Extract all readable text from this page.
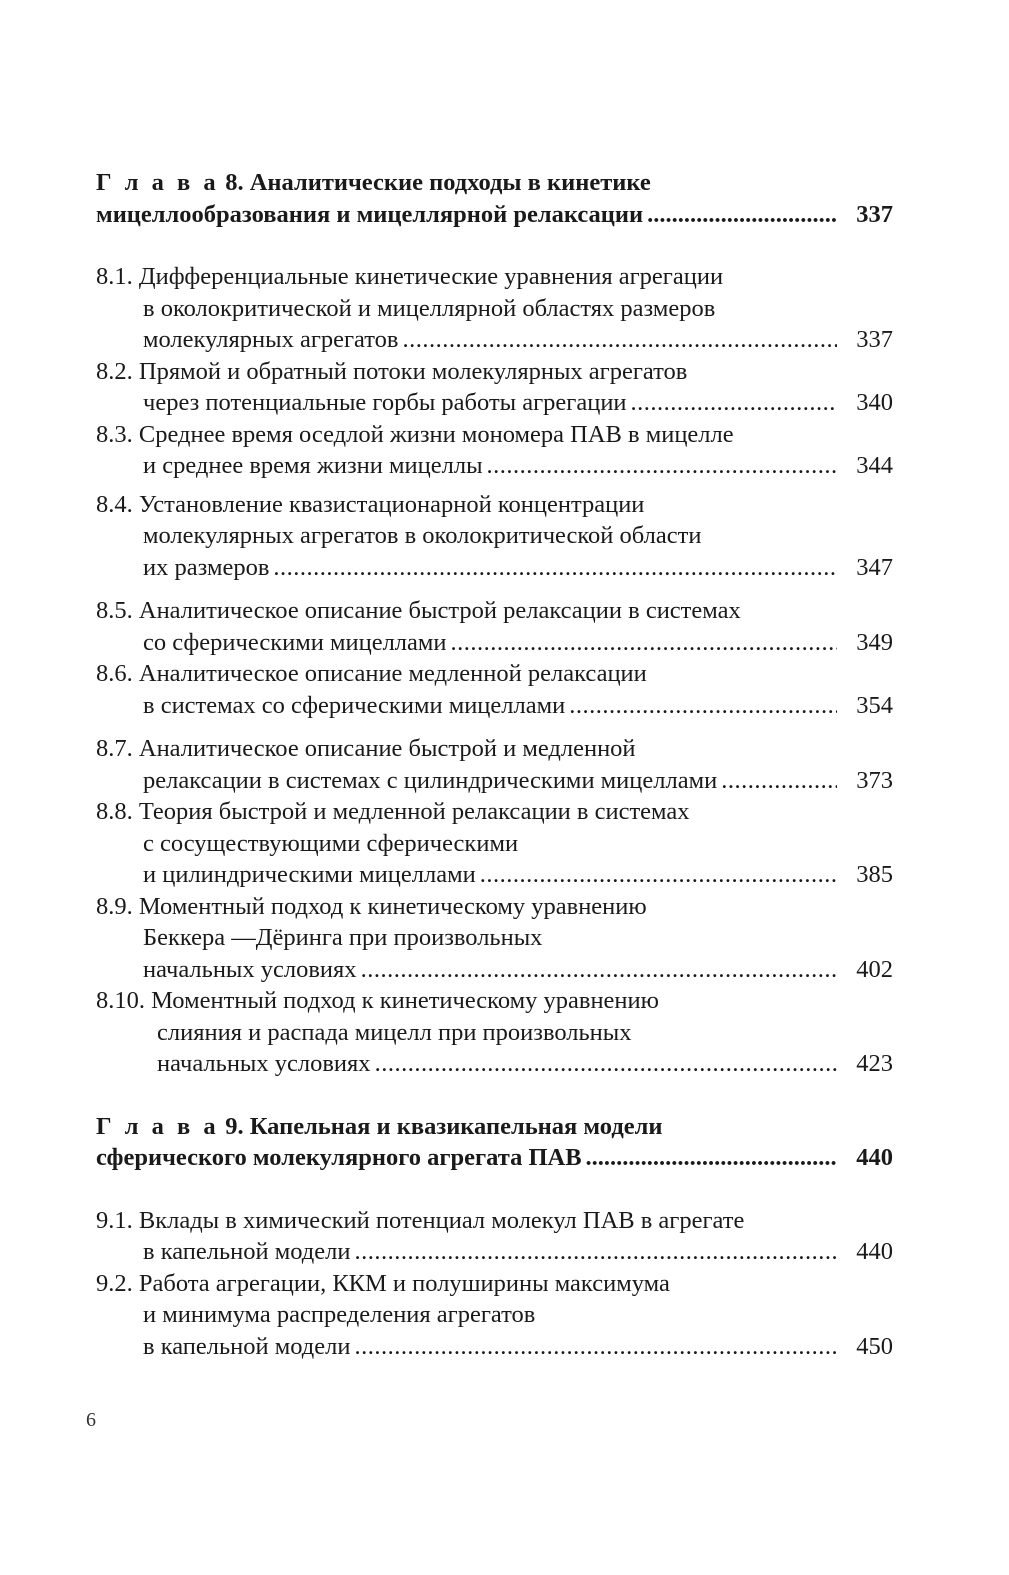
Г л а в а 8. Аналитические подходы в кинетике
мицеллообразования и мицеллярной релаксации .....	337
8.1. Дифференциальные кинетические уравнения агрегации
в околокритической и мицеллярной областях размеров
молекулярных агрегатов .....	337
8.2. Прямой и обратный потоки молекулярных агрегатов
через потенциальные горбы работы агрегации .....	340
8.3. Среднее время оседлой жизни мономера ПАВ в мицелле
и среднее время жизни мицеллы .....	344
8.4. Установление квазистационарной концентрации
молекулярных агрегатов в околокритической области
их размеров .....	347
8.5. Аналитическое описание быстрой релаксации в системах
со сферическими мицеллами .....	349
8.6. Аналитическое описание медленной релаксации
в системах со сферическими мицеллами .....	354
8.7. Аналитическое описание быстрой и медленной
релаксации в системах с цилиндрическими мицеллами .....	373
8.8. Теория быстрой и медленной релаксации в системах
с сосуществующими сферическими
и цилиндрическими мицеллами .....	385
8.9. Моментный подход к кинетическому уравнению
Беккера —Дёринга при произвольных
начальных условиях .....	402
8.10. Моментный подход к кинетическому уравнению
слияния и распада мицелл при произвольных
начальных условиях .....	423
Г л а в а 9. Капельная и квазикапельная модели
сферического молекулярного агрегата ПАВ .....	440
9.1. Вклады в химический потенциал молекул ПАВ в агрегате
в капельной модели .....	440
9.2. Работа агрегации, ККМ и полуширины максимума
и минимума распределения агрегатов
в капельной модели .....	450
6
